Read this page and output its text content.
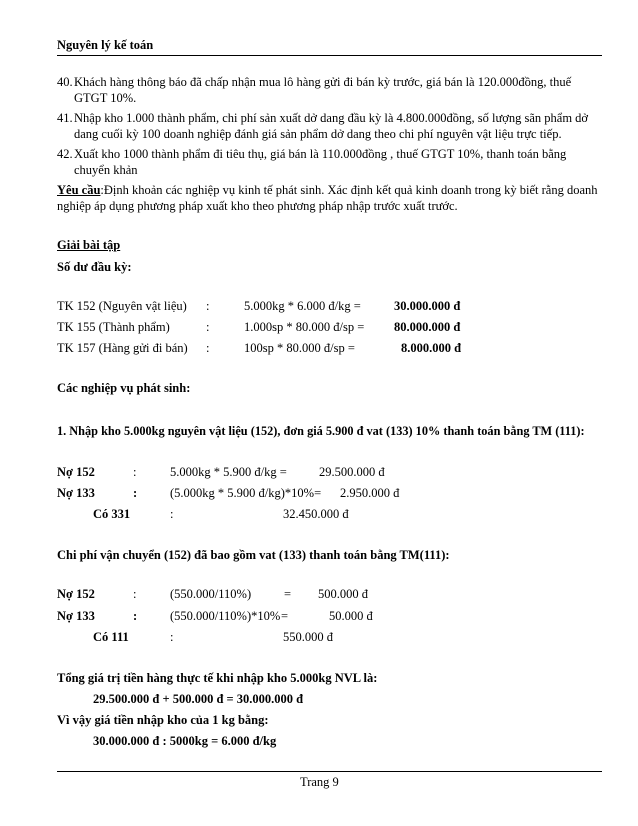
Nguyên lý kế toán
40. Khách hàng thông báo đã chấp nhận mua lô hàng gửi đi bán kỳ trước, giá bán là 120.000đồng, thuế GTGT 10%.
41. Nhập kho 1.000 thành phẩm, chi phí sản xuất dở dang đầu kỳ là 4.800.000đồng, số lượng sãn phẩm dở dang cuối kỳ 100 doanh nghiệp đánh giá sản phẩm dở dang theo chi phí nguyên vật liệu trực tiếp.
42. Xuất kho 1000 thành phẩm đi tiêu thụ, giá bán là 110.000đồng , thuế GTGT 10%, thanh toán bằng chuyển khản
Yêu cầu:Định khoản các nghiệp vụ kinh tế phát sinh. Xác định kết quả kinh doanh trong kỳ biết rằng doanh nghiệp áp dụng phương pháp xuất kho theo phương pháp nhập trước xuất trước.
Giải bài tập
Số dư đầu kỳ:
TK 152 (Nguyên vật liệu) :	5.000kg * 6.000 đ/kg =	30.000.000 đ
TK 155 (Thành phẩm)	:	1.000sp * 80.000 đ/sp = 80.000.000 đ
TK 157 (Hàng gửi đi bán) :	100sp * 80.000 đ/sp =	8.000.000 đ
Các nghiệp vụ phát sinh:
1. Nhập kho 5.000kg nguyên vật liệu (152), đơn giá 5.900 đ vat (133) 10% thanh toán bằng TM (111):
Nợ 152	:	5.000kg * 5.900 đ/kg =	29.500.000 đ
Nợ 133	:	(5.000kg * 5.900 đ/kg)*10%= 2.950.000 đ
Có 331	:	32.450.000 đ
Chi phí vận chuyển (152) đã bao gồm vat (133) thanh toán bằng TM(111):
Nợ 152	:	(550.000/110%)	= 500.000 đ
Nợ 133	:	(550.000/110%)*10% =	50.000 đ
Có 111	:	550.000 đ
Tổng giá trị tiền hàng thực tế khi nhập kho 5.000kg NVL là:
29.500.000 đ + 500.000 đ = 30.000.000 đ
Vì vậy giá tiền nhập kho của 1 kg bằng:
30.000.000 đ : 5000kg = 6.000 đ/kg
Trang 9
